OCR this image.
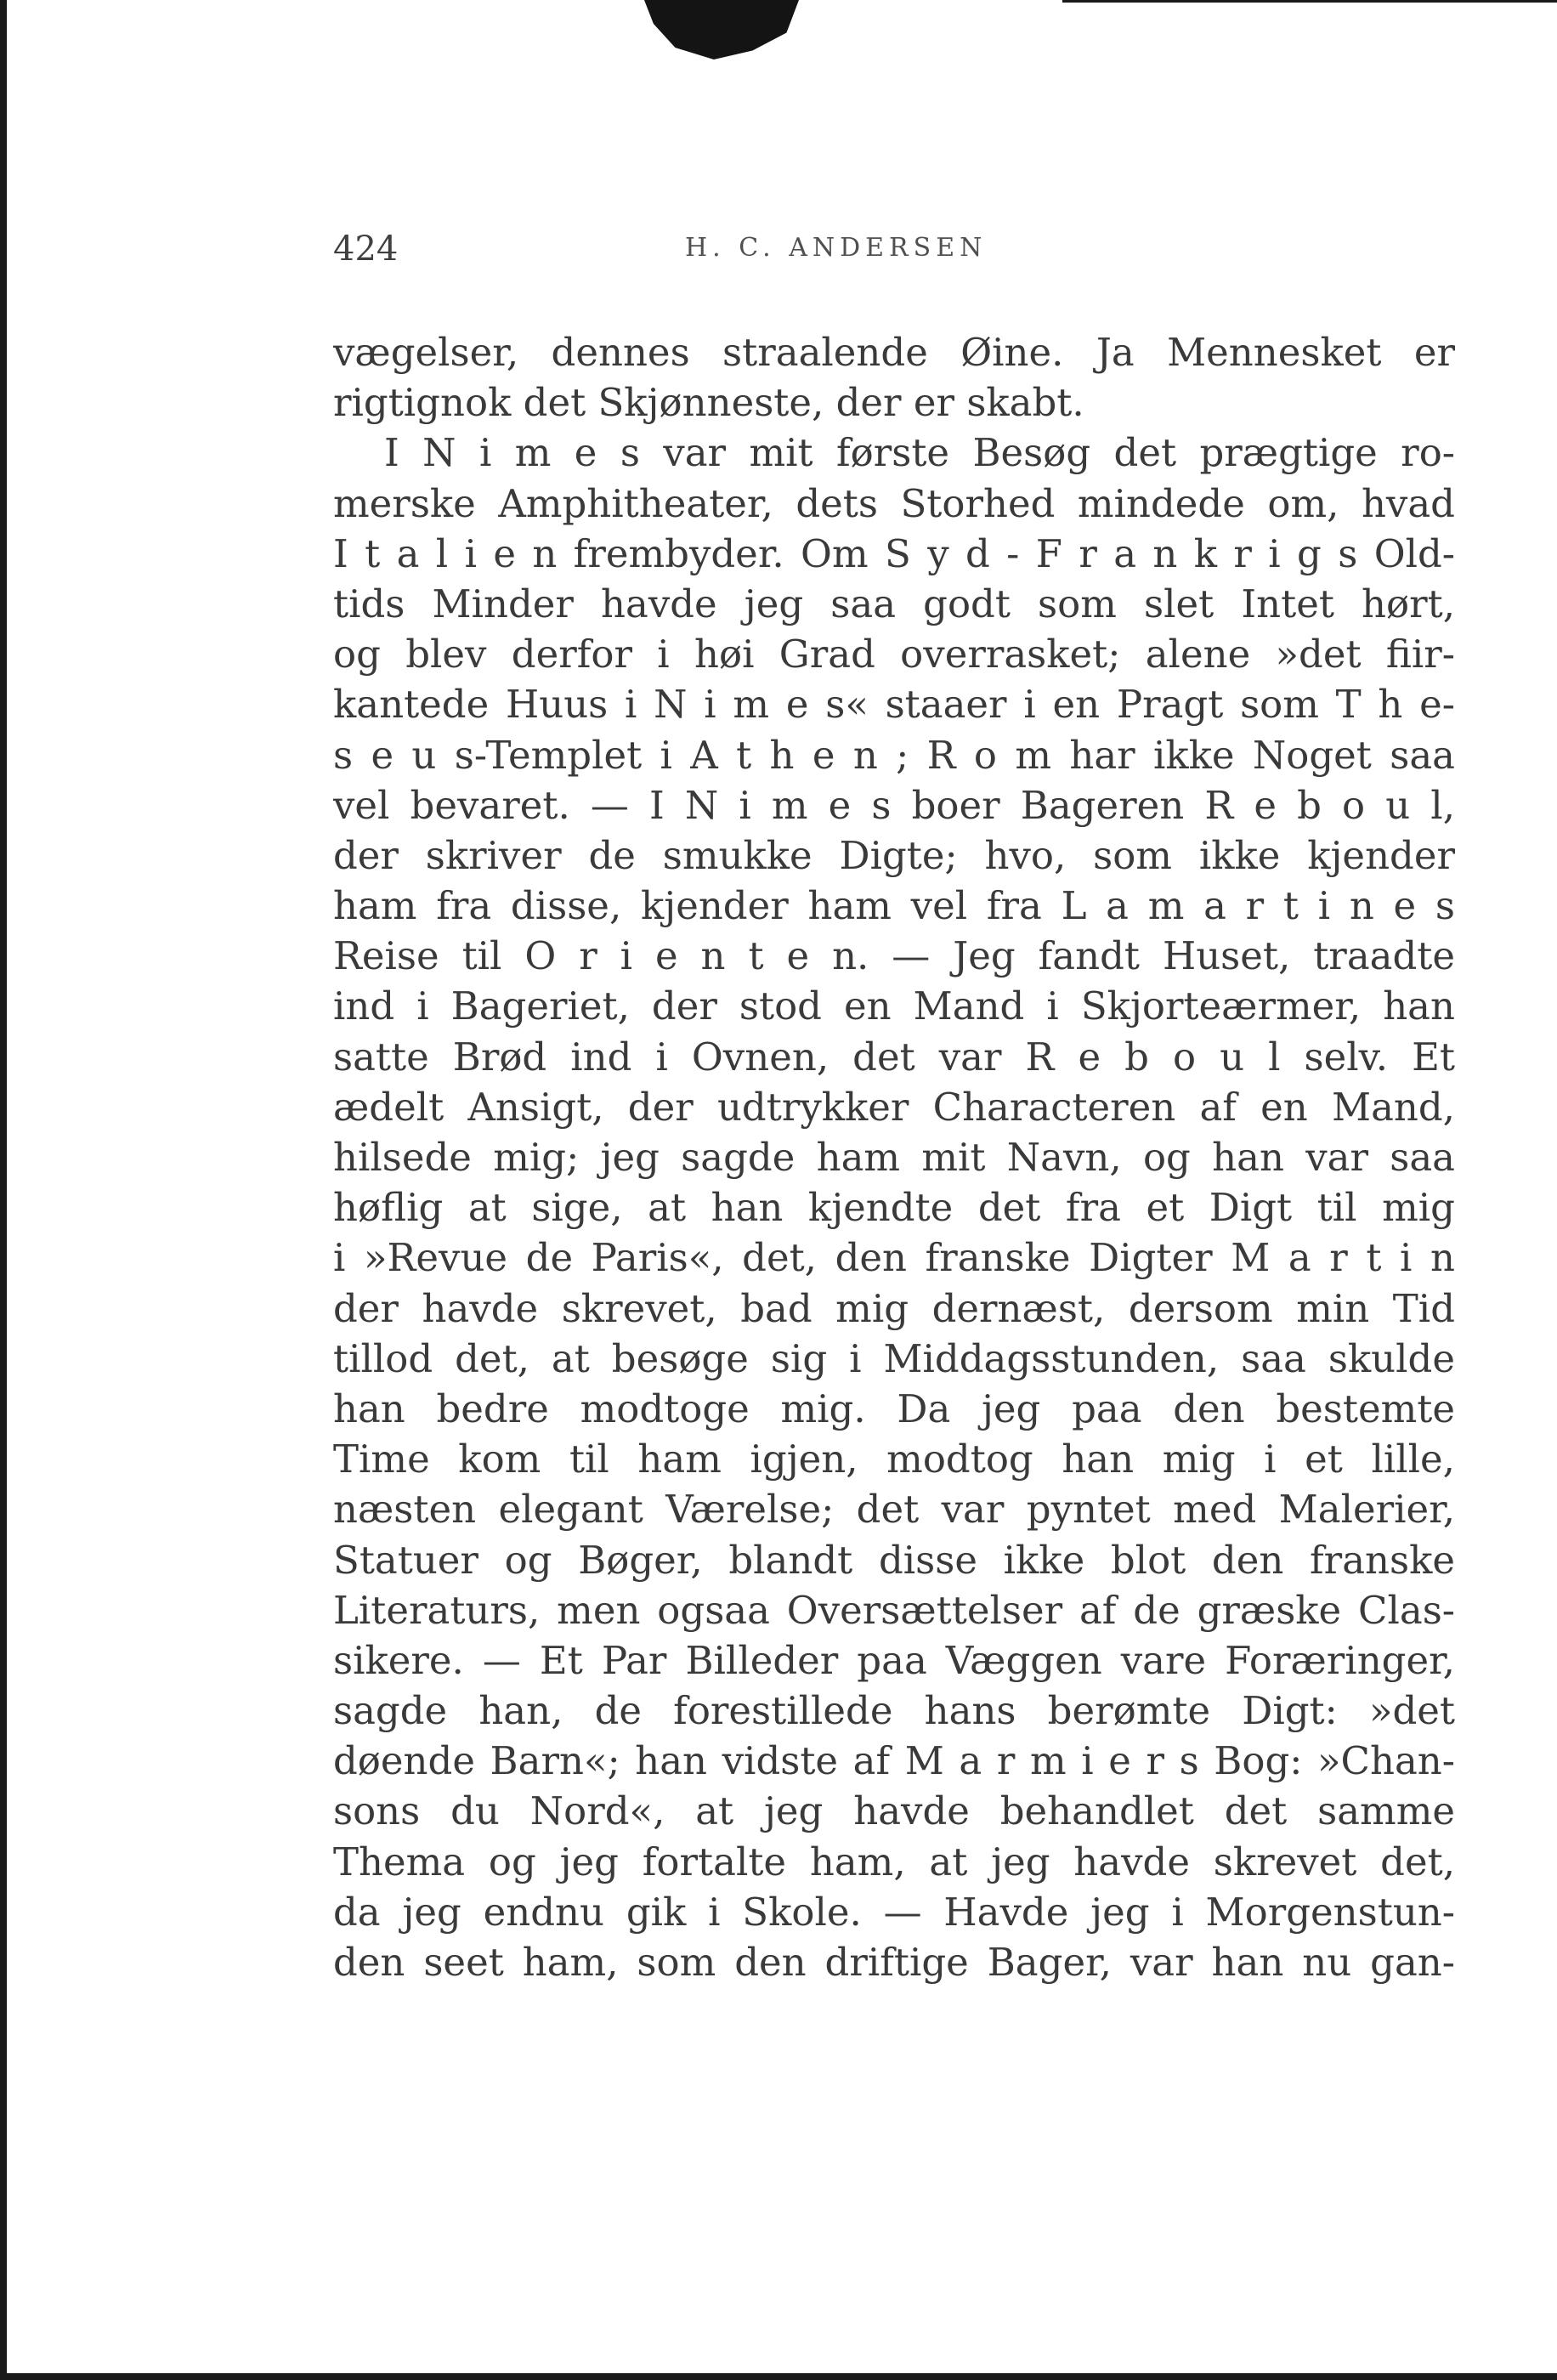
424	H. C. ANDERSEN
vægelser, dennes straalende Øine. Ja Mennesket er
rigtignok det Skjønneste, der er skabt.
I N i m e s var mit første Besøg det prægtige ro-
merske Amphitheater, dets Storhed mindede om, hvad
I t a l i e n frembyder. Om S y d - F r a n k r i g s Old-
tids Minder havde jeg saa godt som slet Intet hørt,
og blev derfor i høi Grad overrasket; alene »det fiir-
kantede Huus i N i m e s« staaer i en Pragt som T h e-
s e u s-Templet i A t h e n ; R o m har ikke Noget saa
vel bevaret. — I N i m e s boer Bageren R e b o u l,
der skriver de smukke Digte; hvo, som ikke kjender
ham fra disse, kjender ham vel fra L a m a r t i n e s
Reise til O r i e n t e n. — Jeg fandt Huset, traadte
ind i Bageriet, der stod en Mand i Skjorteærmer, han
satte Brød ind i Ovnen, det var R e b o u l selv. Et
ædelt Ansigt, der udtrykker Characteren af en Mand,
hilsede mig; jeg sagde ham mit Navn, og han var saa
høflig at sige, at han kjendte det fra et Digt til mig
i »Revue de Paris«, det, den franske Digter M a r t i n
der havde skrevet, bad mig dernæst, dersom min Tid
tillod det, at besøge sig i Middagsstunden, saa skulde
han bedre modtoge mig. Da jeg paa den bestemte
Time kom til ham igjen, modtog han mig i et lille,
næsten elegant Værelse; det var pyntet med Malerier,
Statuer og Bøger, blandt disse ikke blot den franske
Literaturs, men ogsaa Oversættelser af de græske Clas-
sikere. — Et Par Billeder paa Væggen vare Foræringer,
sagde han, de forestillede hans berømte Digt: »det
døende Barn«; han vidste af M a r m i e r s Bog: »Chan-
sons du Nord«, at jeg havde behandlet det samme
Thema og jeg fortalte ham, at jeg havde skrevet det,
da jeg endnu gik i Skole. — Havde jeg i Morgenstun-
den seet ham, som den driftige Bager, var han nu gan-
